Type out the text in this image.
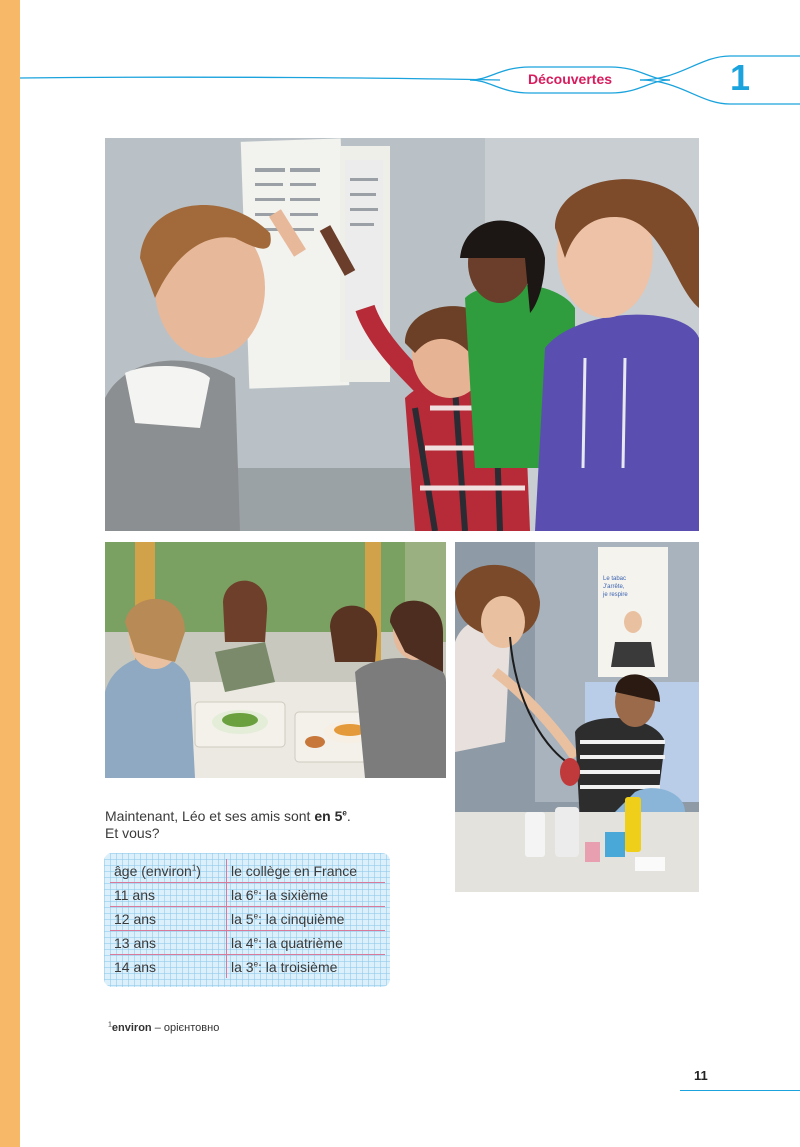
Découvertes	1
Le tabac
J'arrête,
je respire
Maintenant, Léo et ses amis sont en 5e.
Et vous?
âge (environ$^1$)	le collège en France
11 ans	la 6e: la sixième
12 ans	la 5e: la cinquième
13 ans	la 4e: la quatrième
14 ans	la 3e: la troisième
$^1$environ – орієнтовно
11
